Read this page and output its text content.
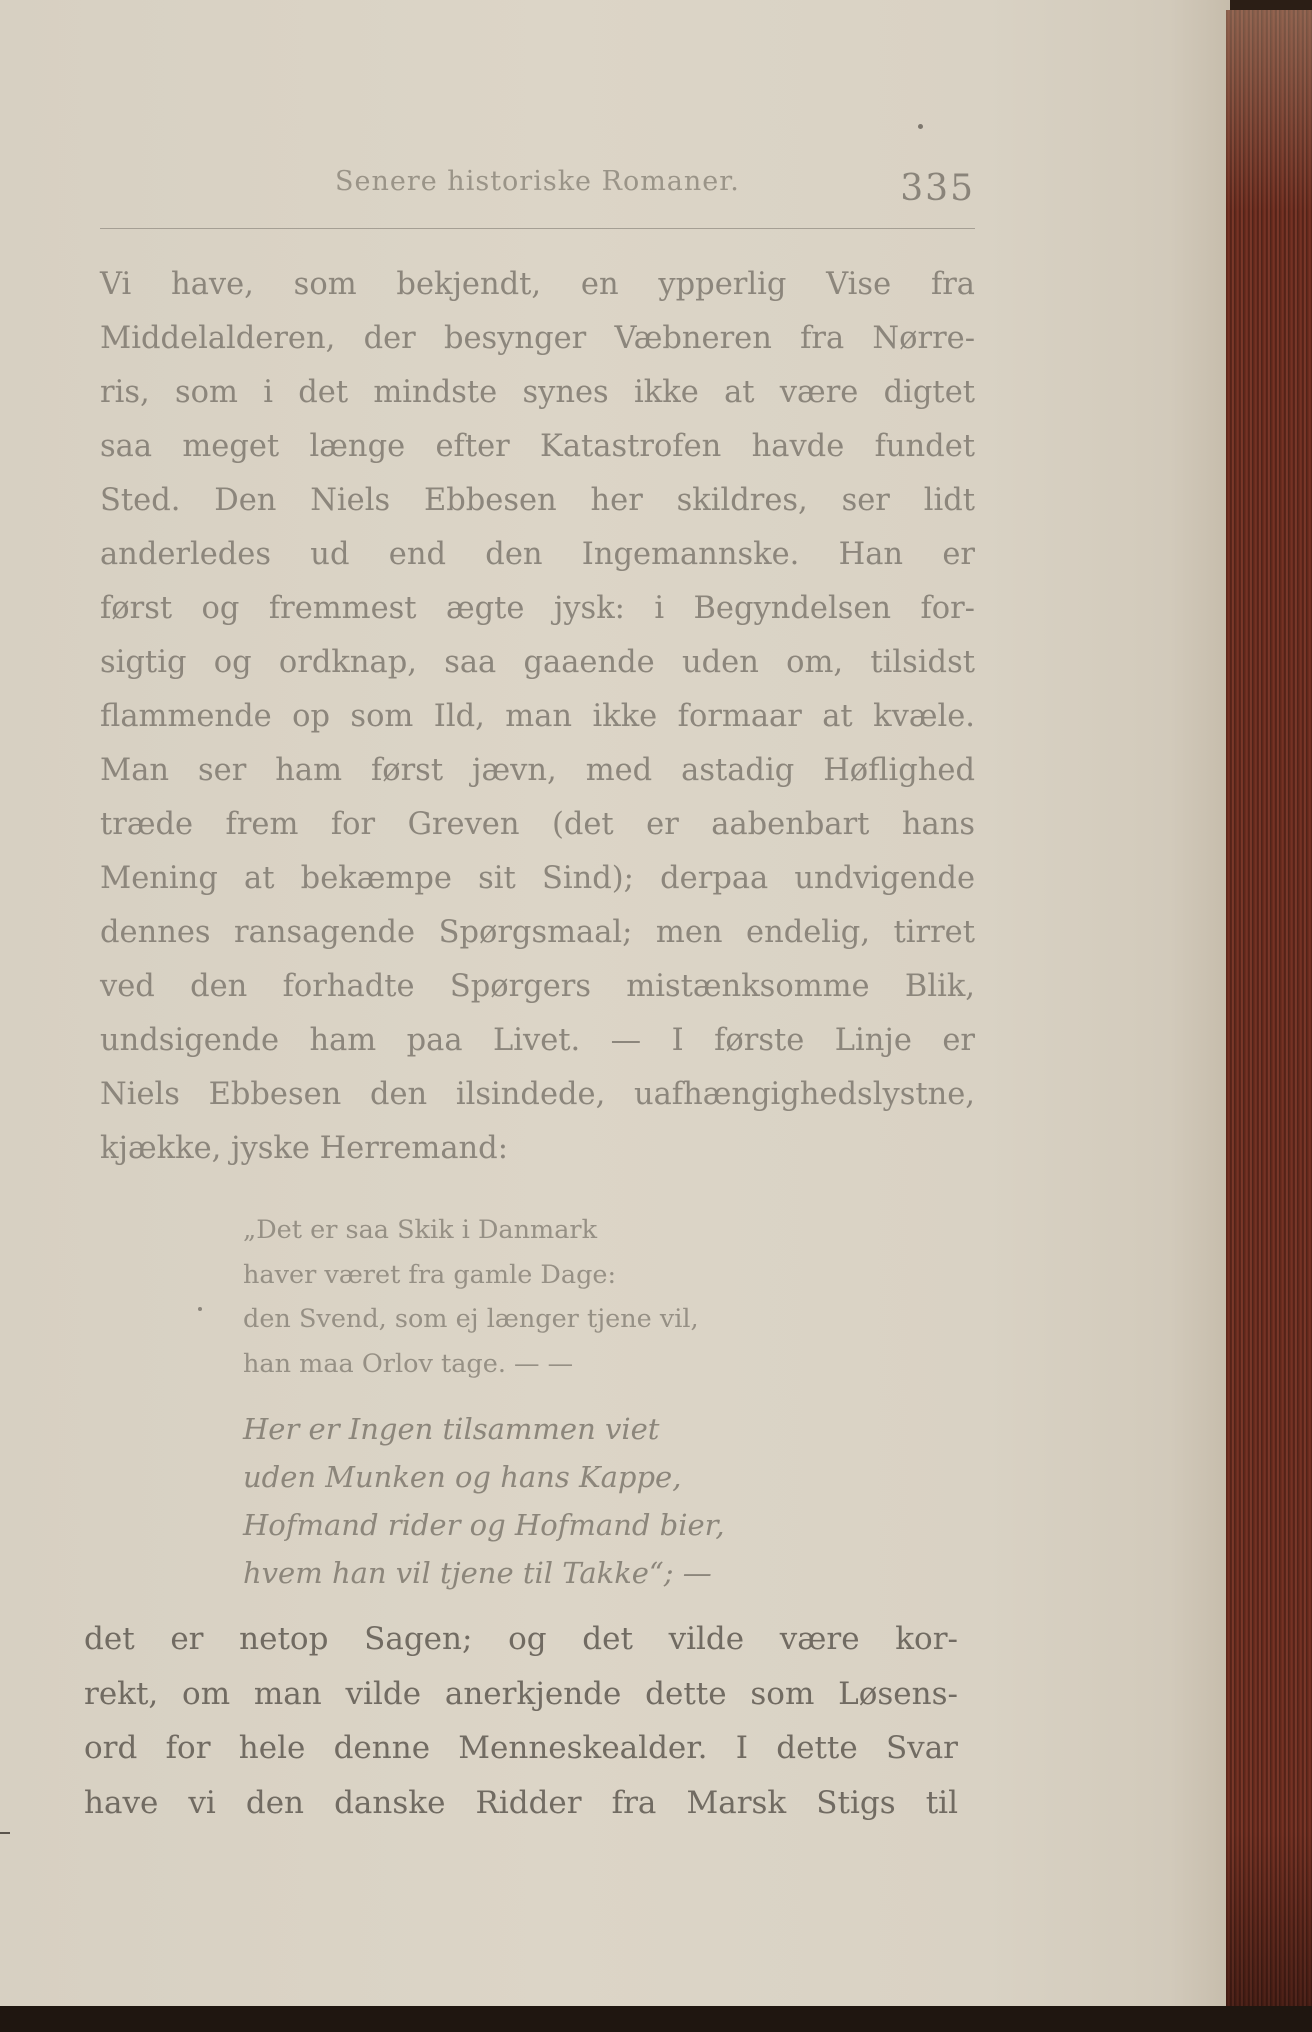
Senere historiske Romaner.	335
Vi have, som bekjendt, en ypperlig Vise fra
Middelalderen, der besynger Væbneren fra Nørre-
ris, som i det mindste synes ikke at være digtet
saa meget længe efter Katastrofen havde fundet
Sted. Den Niels Ebbesen her skildres, ser lidt
anderledes ud end den Ingemannske. Han er
først og fremmest ægte jysk: i Begyndelsen for-
sigtig og ordknap, saa gaaende uden om, tilsidst
flammende op som Ild, man ikke formaar at kvæle.
Man ser ham først jævn, med astadig Høflighed
træde frem for Greven (det er aabenbart hans
Mening at bekæmpe sit Sind); derpaa undvigende
dennes ransagende Spørgsmaal; men endelig, tirret
ved den forhadte Spørgers mistænksomme Blik,
undsigende ham paa Livet. — I første Linje er
Niels Ebbesen den ilsindede, uafhængighedslystne,
kjække, jyske Herremand:
„Det er saa Skik i Danmark
haver været fra gamle Dage:
den Svend, som ej længer tjene vil,
han maa Orlov tage. — —
Her er Ingen tilsammen viet
uden Munken og hans Kappe,
Hofmand rider og Hofmand bier,
hvem han vil tjene til Takke“; —
det er netop Sagen; og det vilde være kor-
rekt, om man vilde anerkjende dette som Løsens-
ord for hele denne Menneskealder. I dette Svar
have vi den danske Ridder fra Marsk Stigs til
